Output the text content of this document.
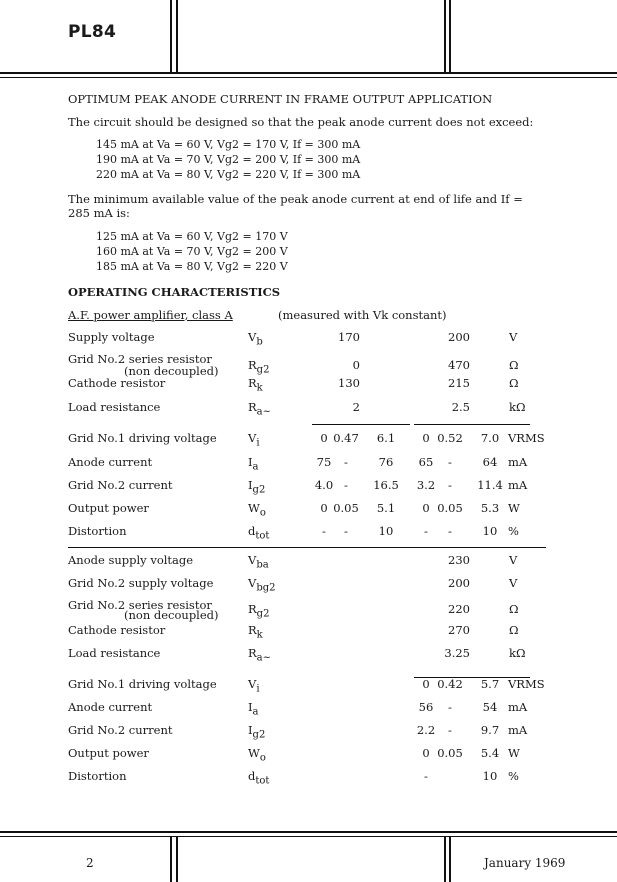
PL84
OPTIMUM PEAK ANODE CURRENT IN FRAME OUTPUT APPLICATION
The circuit should be designed so that the peak anode current does not exceed:
145 mA at Va = 60 V, Vg2 = 170 V, If = 300 mA
190 mA at Va = 70 V, Vg2 = 200 V, If = 300 mA
220 mA at Va = 80 V, Vg2 = 220 V, If = 300 mA
The minimum available value of the peak anode current at end of life and If =
285 mA is:
125 mA at Va = 60 V, Vg2 = 170 V
160 mA at Va = 70 V, Vg2 = 200 V
185 mA at Va = 80 V, Vg2 = 220 V
OPERATING CHARACTERISTICS
A.F. power amplifier, class A	(measured with Vk constant)
2	January 1969
Supply voltage	$V_b$	170	200	V
Grid No.2 series resistor
(non decoupled)	$R_{g2}$	0	470	Ω
Cathode resistor	$R_k$	130	215	Ω
Load resistance	$R_{a\sim}$	2	2.5	kΩ
Grid No.1 driving voltage	$V_i$	0 0.47	6.1	0 0.52	7.0 VRMS
Anode current	$I_a$	75	-	76	65	-	64 mA
Grid No.2 current	$I_{g2}$	4.0 -	16.5	3.2	-	11.4 mA
Output power	$W_o$	0 0.05	5.1	0 0.05	5.3 W
Distortion	$d_{tot}$	-	-	10	-	-	10 %
Anode supply voltage	$V_{ba}$	230	V
Grid No.2 supply voltage	$V_{bg2}$	200	V
Grid No.2 series resistor
(non decoupled)	$R_{g2}$	220	Ω
Cathode resistor	$R_k$	270	Ω
Load resistance	$R_{a\sim}$	3.25	kΩ
Grid No.1 driving voltage	$V_i$	0 0.42	5.7 VRMS
Anode current	$I_a$	56	-	54 mA
Grid No.2 current	$I_{g2}$	2.2	-	9.7 mA
Output power	$W_o$	0 0.05	5.4 W
Distortion	$d_{tot}$	-	10 %
